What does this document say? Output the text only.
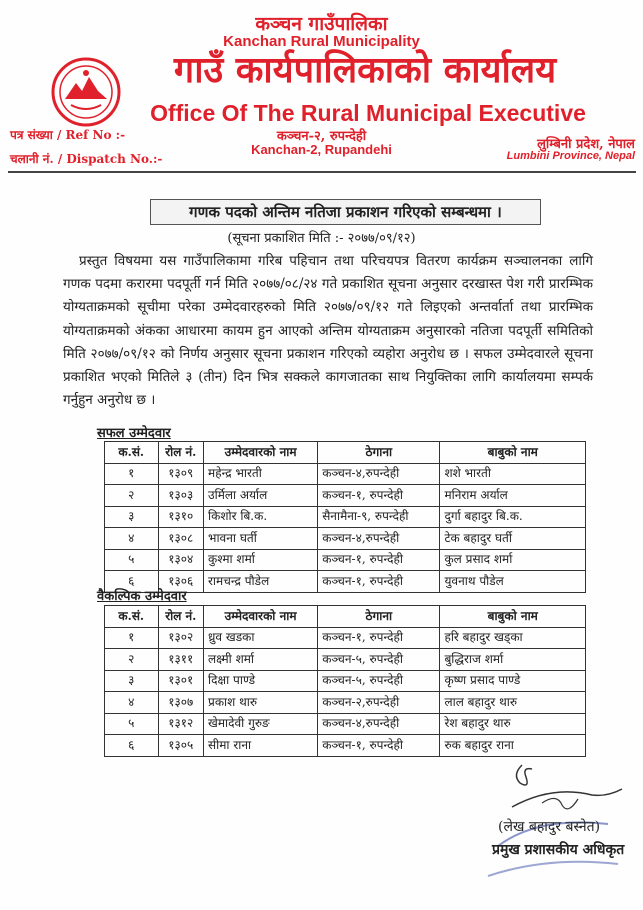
कञ्चन गाउँपालिका
Kanchan Rural Municipality
गाउँ कार्यपालिकाको कार्यालय
Office Of The Rural Municipal Executive
कञ्चन-२, रुपन्देही
Kanchan-2, Rupandehi
पत्र संख्या / Ref No :-
चलानी नं. / Dispatch No.:-
लुम्बिनी प्रदेश, नेपाल
Lumbini Province, Nepal
गणक पदको अन्तिम नतिजा प्रकाशन गरिएको सम्बन्धमा ।
(सूचना प्रकाशित मिति :- २०७७/०९/१२)
प्रस्तुत विषयमा यस गाउँपालिकामा गरिब पहिचान तथा परिचयपत्र वितरण कार्यक्रम सञ्चालनका लागि गणक पदमा करारमा पदपूर्ती गर्न मिति २०७७/०८/२४ गते प्रकाशित सूचना अनुसार दरखास्त पेश गरी प्रारम्भिक योग्यताक्रमको सूचीमा परेका उम्मेदवारहरुको मिति २०७७/०९/१२ गते लिइएको अन्तर्वार्ता तथा प्रारम्भिक योग्यताक्रमको अंकका आधारमा कायम हुन आएको अन्तिम योग्यताक्रम अनुसारको नतिजा पदपूर्ती समितिको मिति २०७७/०९/१२ को निर्णय अनुसार सूचना प्रकाशन गरिएको व्यहोरा अनुरोध छ । सफल उम्मेदवारले सूचना प्रकाशित भएको मितिले ३ (तीन) दिन भित्र सक्कले कागजातका साथ नियुक्तिका लागि कार्यालयमा सम्पर्क गर्नुहुन अनुरोध छ ।
सफल उम्मेदवार
क.सं.	रोल नं.	उम्मेदवारको नाम	ठेगाना	बाबुको नाम
१	१३०९	महेन्द्र भारती	कञ्चन-४,रुपन्देही	शशे भारती
२	१३०३	उर्मिला अर्याल	कञ्चन-१, रुपन्देही	मनिराम अर्याल
३	१३१०	किशोर बि.क.	सैनामैना-९, रुपन्देही	दुर्गा बहादुर बि.क.
४	१३०८	भावना घर्ती	कञ्चन-४,रुपन्देही	टेक बहादुर घर्ती
५	१३०४	कुश्मा शर्मा	कञ्चन-१, रुपन्देही	कुल प्रसाद शर्मा
६	१३०६	रामचन्द्र पौडेल	कञ्चन-१, रुपन्देही	युवनाथ पौडेल
वैकल्पिक उम्मेदवार
क.सं.	रोल नं.	उम्मेदवारको नाम	ठेगाना	बाबुको नाम
१	१३०२	ध्रुव खडका	कञ्चन-१, रुपन्देही	हरि बहादुर खड्का
२	१३११	लक्ष्मी शर्मा	कञ्चन-५, रुपन्देही	बुद्धिराज शर्मा
३	१३०१	दिक्षा पाण्डे	कञ्चन-५, रुपन्देही	कृष्ण प्रसाद पाण्डे
४	१३०७	प्रकाश थारु	कञ्चन-२,रुपन्देही	लाल बहादुर थारु
५	१३१२	खेमादेवी गुरुङ	कञ्चन-४,रुपन्देही	रेश बहादुर थारु
६	१३०५	सीमा राना	कञ्चन-१, रुपन्देही	रुक बहादुर राना
(लेख बहादुर बस्नेत)
प्रमुख प्रशासकीय अधिकृत
